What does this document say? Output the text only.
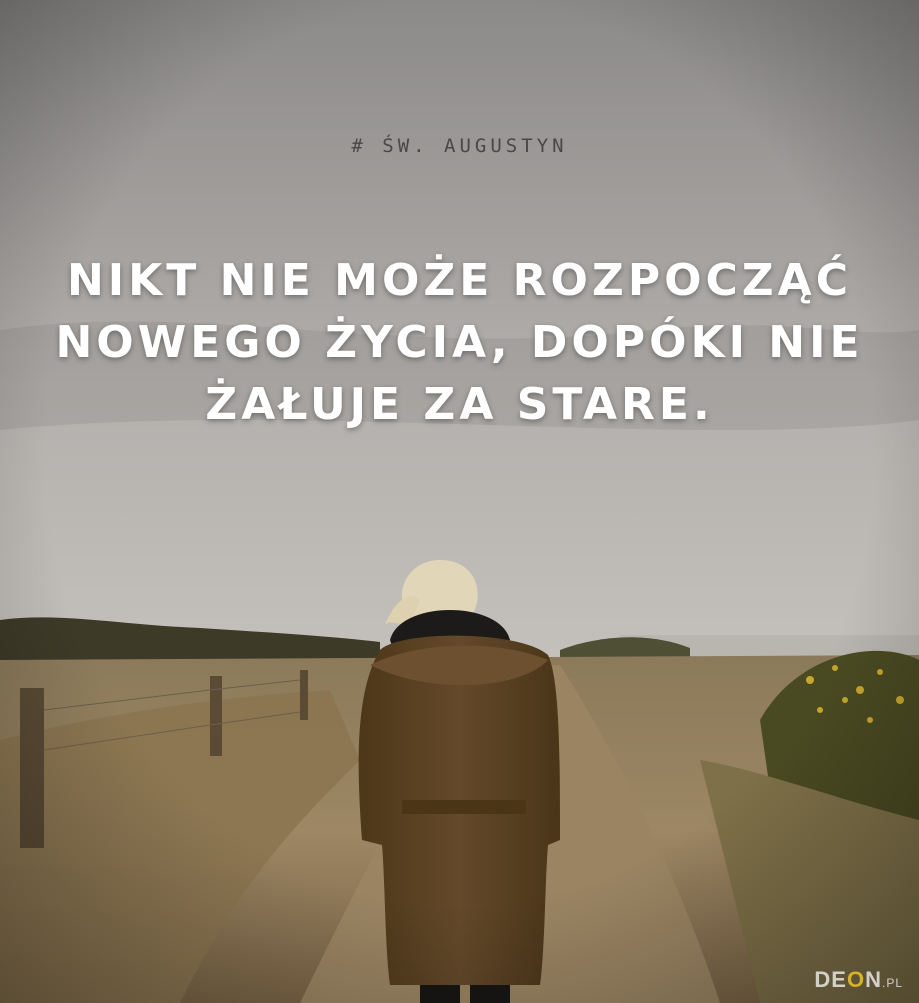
# ŚW. AUGUSTYN
NIKT NIE MOŻE ROZPOCZĄĆ
NOWEGO ŻYCIA, DOPÓKI NIE
ŻAŁUJE ZA STARE.
DEON.PL
